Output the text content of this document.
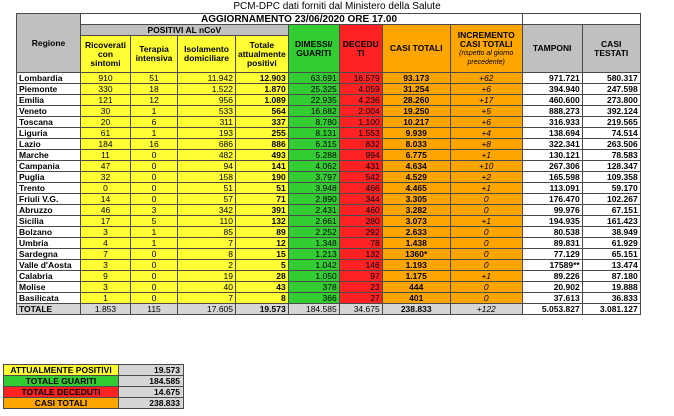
PCM-DPC dati forniti dal Ministero della Salute
Regione	AGGIORNAMENTO 23/06/2020 ORE 17.00									
	POSITIVI AL nCoV				DIMESSI/ GUARITI	DECEDU TI	CASI TOTALI	INCREMENTO CASI TOTALI
(rispetto al giorno precedente)	TAMPONI	CASI TESTATI
	Ricoverati con sintomi	Terapia intensiva	Isolamento domiciliare	Totale attualmente positivi						
Lombardia	910	51	11.942	12.903	63.691	16.579	93.173	+62	971.721	580.317
Piemonte	330	18	1.522	1.870	25.325	4.059	31.254	+6	394.940	247.598
Emilia	121	12	956	1.089	22.935	4.236	28.260	+17	460.600	273.800
Veneto	30	1	533	564	16.682	2.004	19.250	+5	888.273	392.124
Toscana	20	6	311	337	8.780	1.100	10.217	+6	316.933	219.565
Liguria	61	1	193	255	8.131	1.553	9.939	+4	138.694	74.514
Lazio	184	16	686	886	6.315	832	8.033	+8	322.341	263.506
Marche	11	0	482	493	5.288	994	6.775	+1	130.121	78.583
Campania	47	0	94	141	4.062	431	4.634	+10	267.306	128.347
Puglia	32	0	158	190	3.797	542	4.529	+2	165.598	109.358
Trento	0	0	51	51	3.948	466	4.465	+1	113.091	59.170
Friuli V.G.	14	0	57	71	2.890	344	3.305	0	176.470	102.267
Abruzzo	46	3	342	391	2.431	460	3.282	0	99.976	67.151
Sicilia	17	5	110	132	2.661	280	3.073	+1	194.935	161.423
Bolzano	3	1	85	89	2.252	292	2.633	0	80.538	38.949
Umbria	4	1	7	12	1.348	78	1.438	0	89.831	61.929
Sardegna	7	0	8	15	1.213	132	1360*	0	77.129	65.151
Valle d'Aosta	3	0	2	5	1.042	146	1.193	0	17589**	13.474
Calabria	9	0	19	28	1.050	97	1.175	+1	89.226	87.180
Molise	3	0	40	43	378	23	444	0	20.902	19.888
Basilicata	1	0	7	8	366	27	401	0	37.613	36.833
TOTALE	1.853	115	17.605	19.573	184.585	34.675	238.833	+122	5.053.827	3.081.127
ATTUALMENTE POSITIVI	19.573
TOTALE GUARITI	184.585
TOTALE DECEDUTI	14.675
CASI TOTALI	238.833
